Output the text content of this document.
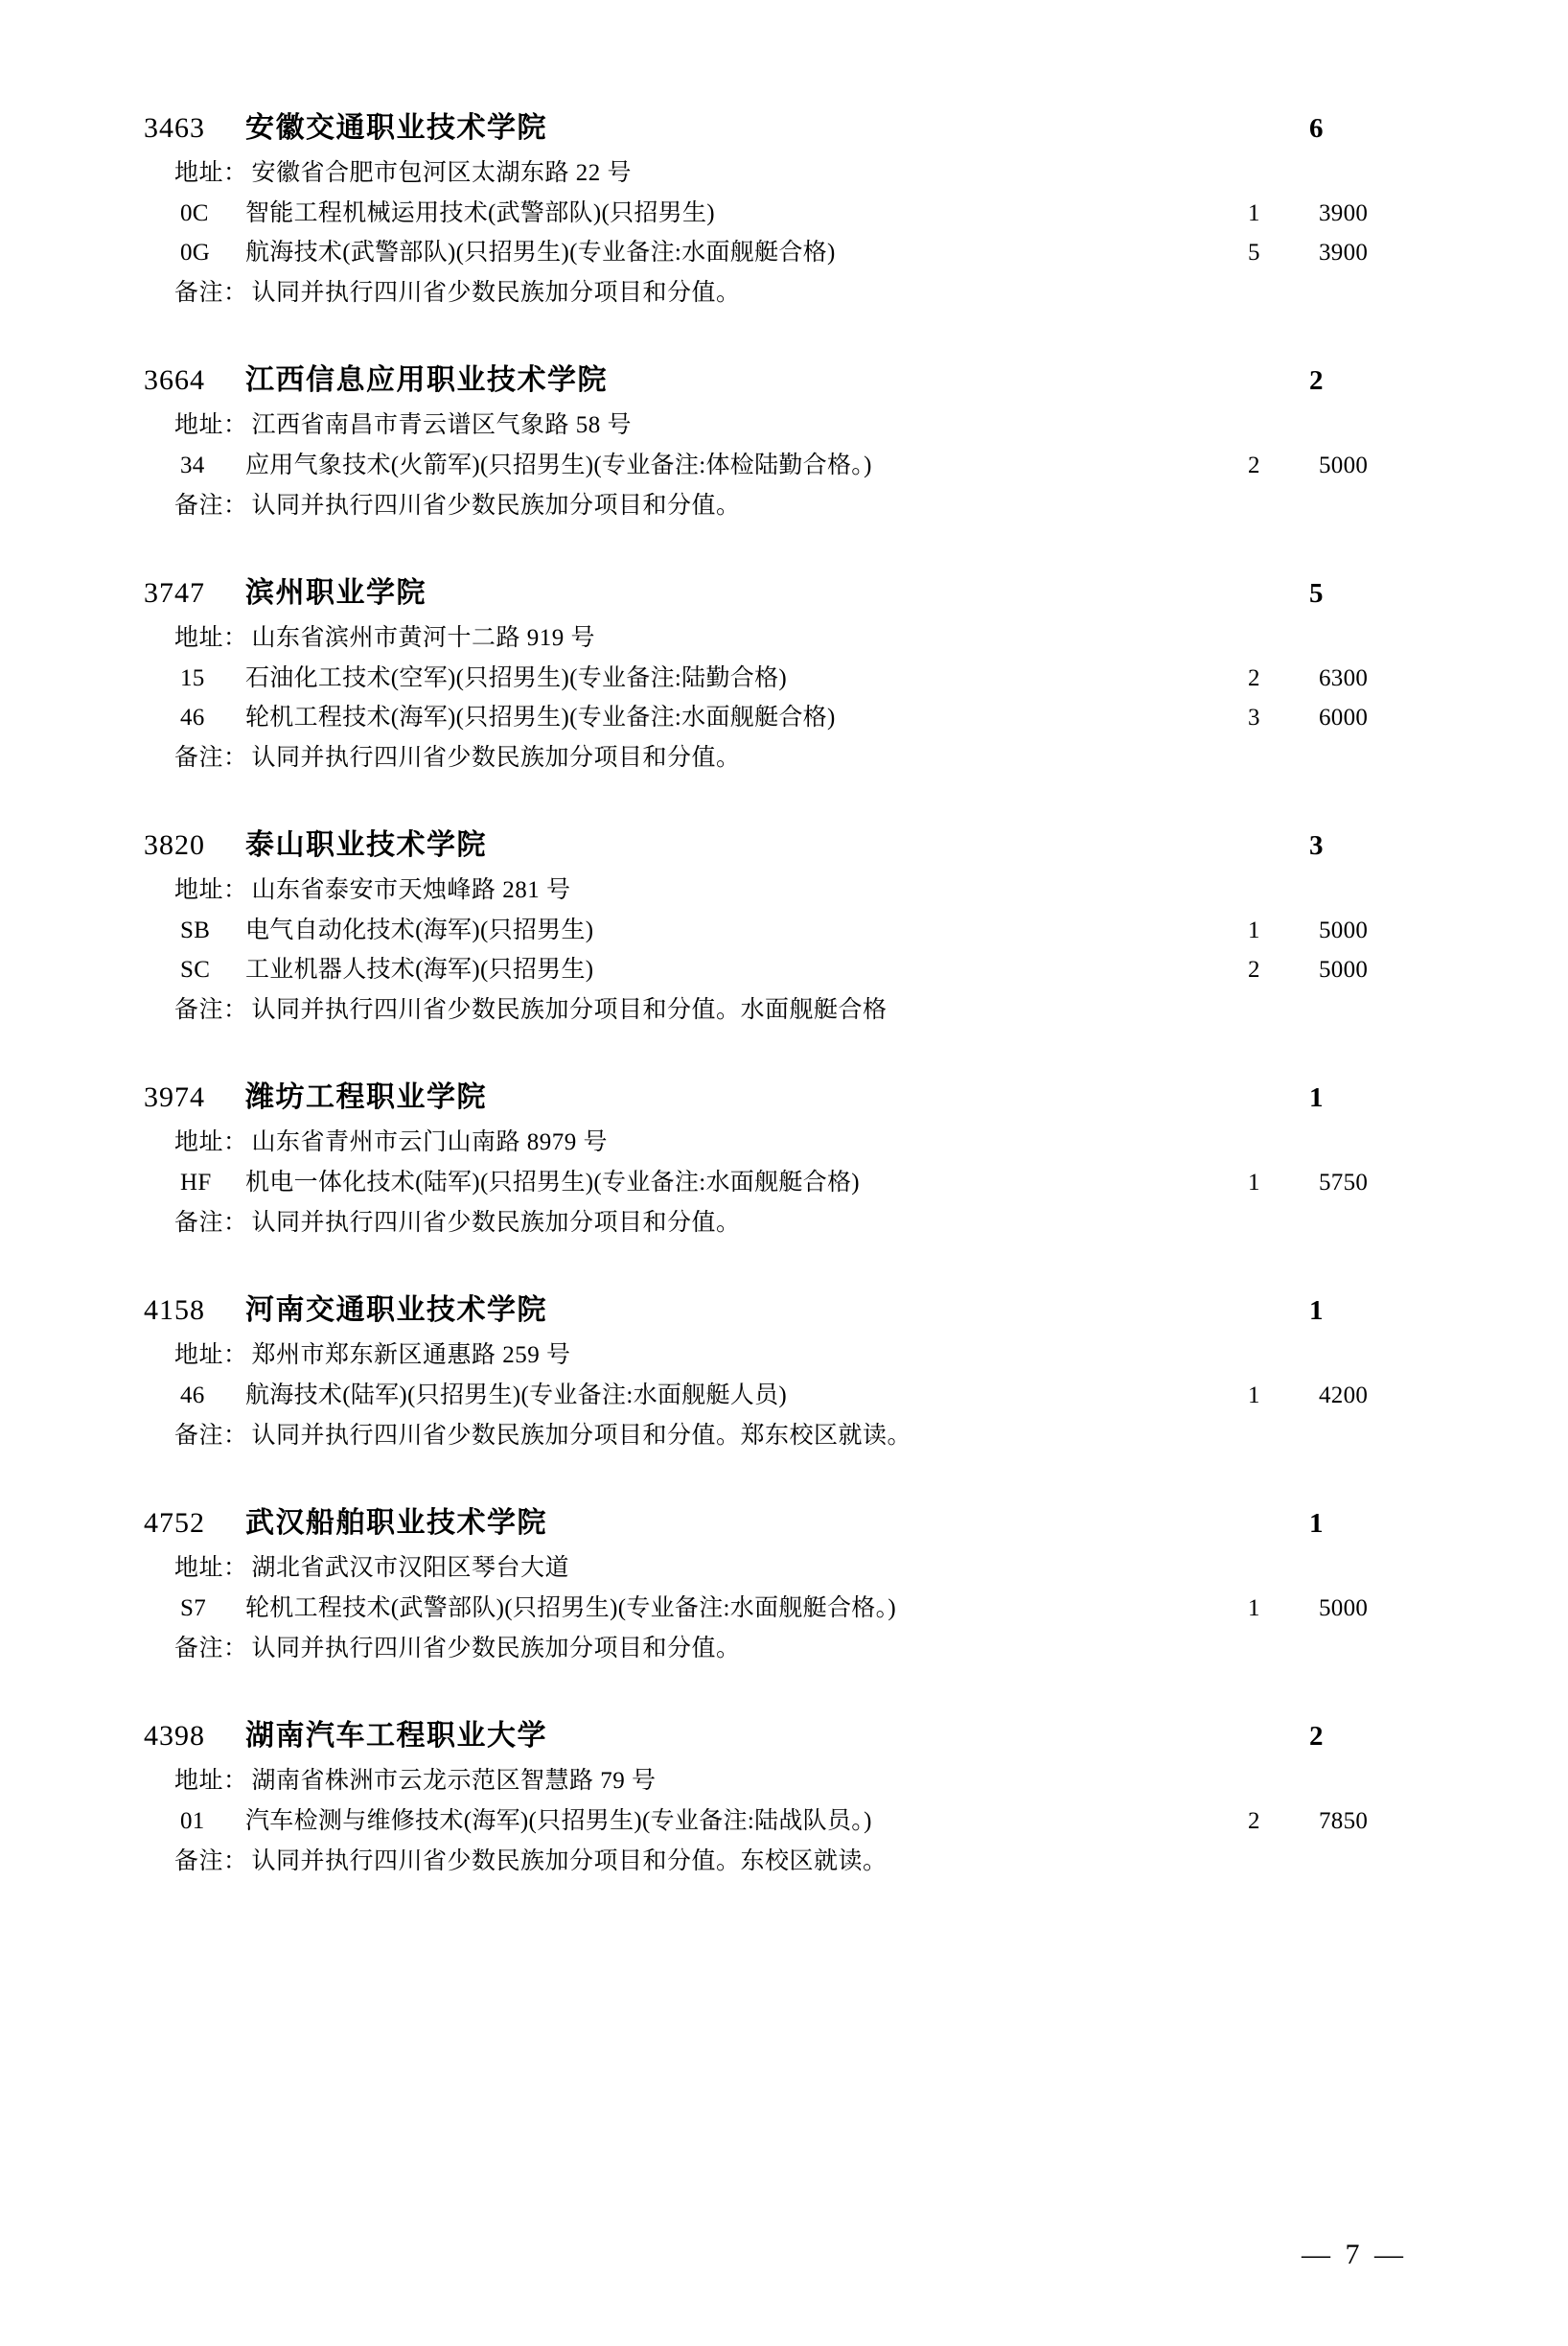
3463	安徽交通职业技术学院	6
地址： 安徽省合肥市包河区太湖东路 22 号
0C	智能工程机械运用技术(武警部队)(只招男生)	1	3900
0G	航海技术(武警部队)(只招男生)(专业备注:水面舰艇合格)	5	3900
备注： 认同并执行四川省少数民族加分项目和分值。
3664	江西信息应用职业技术学院	2
地址： 江西省南昌市青云谱区气象路 58 号
34	应用气象技术(火箭军)(只招男生)(专业备注:体检陆勤合格。)	2	5000
备注： 认同并执行四川省少数民族加分项目和分值。
3747	滨州职业学院	5
地址： 山东省滨州市黄河十二路 919 号
15	石油化工技术(空军)(只招男生)(专业备注:陆勤合格)	2	6300
46	轮机工程技术(海军)(只招男生)(专业备注:水面舰艇合格)	3	6000
备注： 认同并执行四川省少数民族加分项目和分值。
3820	泰山职业技术学院	3
地址： 山东省泰安市天烛峰路 281 号
SB	电气自动化技术(海军)(只招男生)	1	5000
SC	工业机器人技术(海军)(只招男生)	2	5000
备注： 认同并执行四川省少数民族加分项目和分值。水面舰艇合格
3974	潍坊工程职业学院	1
地址： 山东省青州市云门山南路 8979 号
HF	机电一体化技术(陆军)(只招男生)(专业备注:水面舰艇合格)	1	5750
备注： 认同并执行四川省少数民族加分项目和分值。
4158	河南交通职业技术学院	1
地址： 郑州市郑东新区通惠路 259 号
46	航海技术(陆军)(只招男生)(专业备注:水面舰艇人员)	1	4200
备注： 认同并执行四川省少数民族加分项目和分值。郑东校区就读。
4752	武汉船舶职业技术学院	1
地址： 湖北省武汉市汉阳区琴台大道
S7	轮机工程技术(武警部队)(只招男生)(专业备注:水面舰艇合格。)	1	5000
备注： 认同并执行四川省少数民族加分项目和分值。
4398	湖南汽车工程职业大学	2
地址： 湖南省株洲市云龙示范区智慧路 79 号
01	汽车检测与维修技术(海军)(只招男生)(专业备注:陆战队员。)	2	7850
备注： 认同并执行四川省少数民族加分项目和分值。东校区就读。
— 7 —
